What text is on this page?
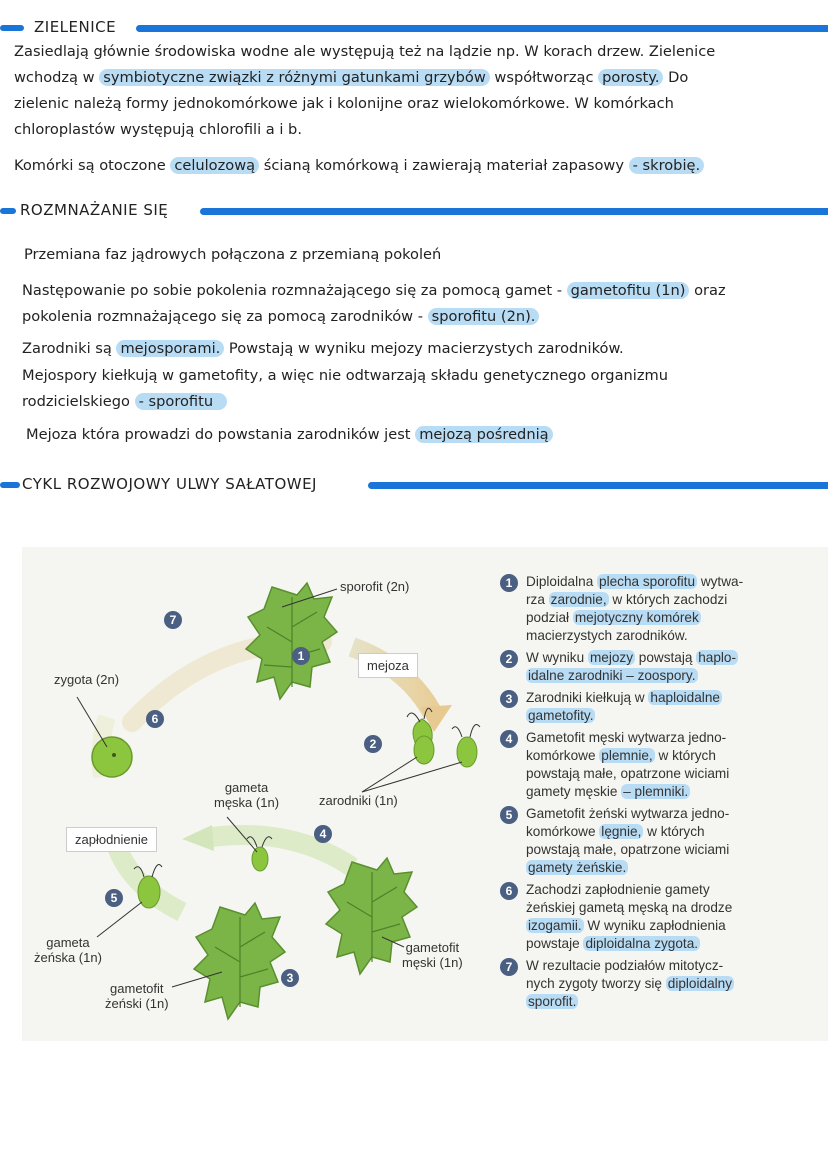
ZIELENICE
Zasiedlają głównie środowiska wodne ale występują też na lądzie np. W korach drzew. Zielenice
wchodzą w symbiotyczne związki z różnymi gatunkami grzybów współtworząc porosty. Do
zielenic należą formy jednokomórkowe jak i kolonijne oraz wielokomórkowe. W komórkach
chloroplastów występują chlorofili a i b.
Komórki są otoczone celulozową ścianą komórkową i zawierają materiał zapasowy - skrobię.
ROZMNAŻANIE SIĘ
Przemiana faz jądrowych połączona z przemianą pokoleń
Następowanie po sobie pokolenia rozmnażającego się za pomocą gamet - gametofitu (1n) oraz
pokolenia rozmnażającego się za pomocą zarodników - sporofitu (2n).
Zarodniki są mejosporami. Powstają w wyniku mejozy macierzystych zarodników.
Mejospory kiełkują w gametofity, a więc nie odtwarzają składu genetycznego organizmu
rodzicielskiego - sporofitu
Mejoza która prowadzi do powstania zarodników jest mejozą pośrednią
CYKL ROZWOJOWY ULWY SAŁATOWEJ
sporofit (2n)
mejoza
zygota (2n)
gameta
męska (1n)	zarodniki (1n)
zapłodnienie
gameta
żeńska (1n)
gametofit
męski (1n)
gametofit
żeński (1n)
1
2
3
4
5
6
7
1	Diploidalna plecha sporofitu wytwa-
rza zarodnie, w których zachodzi
podział mejotyczny komórek
macierzystych zarodników.
2	W wyniku mejozy powstają haplo-
idalne zarodniki – zoospory.
3	Zarodniki kiełkują w haploidalne
gametofity.
4	Gametofit męski wytwarza jedno-
komórkowe plemnie, w których
powstają małe, opatrzone wiciami
gamety męskie – plemniki.
5	Gametofit żeński wytwarza jedno-
komórkowe lęgnie, w których
powstają małe, opatrzone wiciami
gamety żeńskie.
6	Zachodzi zapłodnienie gamety
żeńskiej gametą męską na drodze
izogamii. W wyniku zapłodnienia
powstaje diploidalna zygota.
7	W rezultacie podziałów mitotycz-
nych zygoty tworzy się diploidalny
sporofit.
